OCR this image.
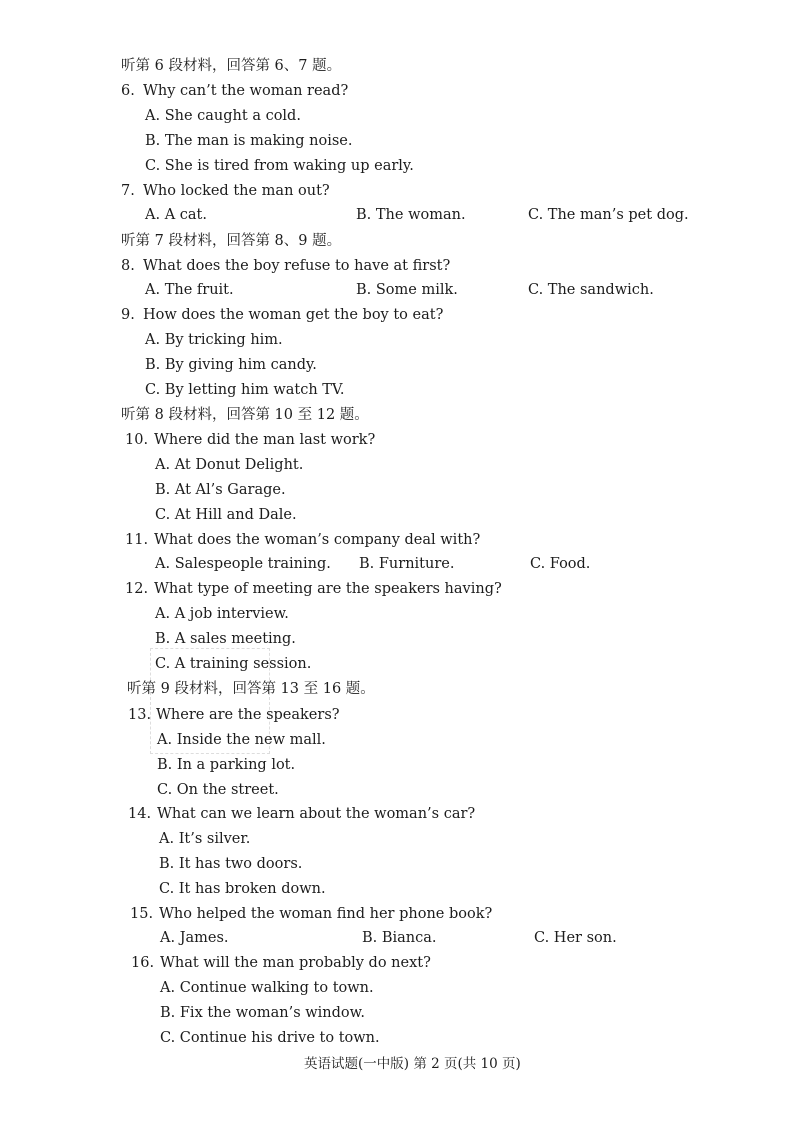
听第 6 段材料，回答第 6、7 题。
6. Why can’t the woman read?
A. She caught a cold.
B. The man is making noise.
C. She is tired from waking up early.
7. Who locked the man out?
A. A cat.	B. The woman.	C. The man’s pet dog.
听第 7 段材料，回答第 8、9 题。
8. What does the boy refuse to have at first?
A. The fruit.	B. Some milk.	C. The sandwich.
9. How does the woman get the boy to eat?
A. By tricking him.
B. By giving him candy.
C. By letting him watch TV.
听第 8 段材料，回答第 10 至 12 题。
10. Where did the man last work?
A. At Donut Delight.
B. At Al’s Garage.
C. At Hill and Dale.
11. What does the woman’s company deal with?
A. Salespeople training. B. Furniture.	C. Food.
12. What type of meeting are the speakers having?
A. A job interview.
B. A sales meeting.
C. A training session.
听第 9 段材料，回答第 13 至 16 题。
13. Where are the speakers?
A. Inside the new mall.
B. In a parking lot.
C. On the street.
14. What can we learn about the woman’s car?
A. It’s silver.
B. It has two doors.
C. It has broken down.
15. Who helped the woman find her phone book?
A. James.	B. Bianca.	C. Her son.
16. What will the man probably do next?
A. Continue walking to town.
B. Fix the woman’s window.
C. Continue his drive to town.
英语试题(一中版) 第 2 页(共 10 页)
